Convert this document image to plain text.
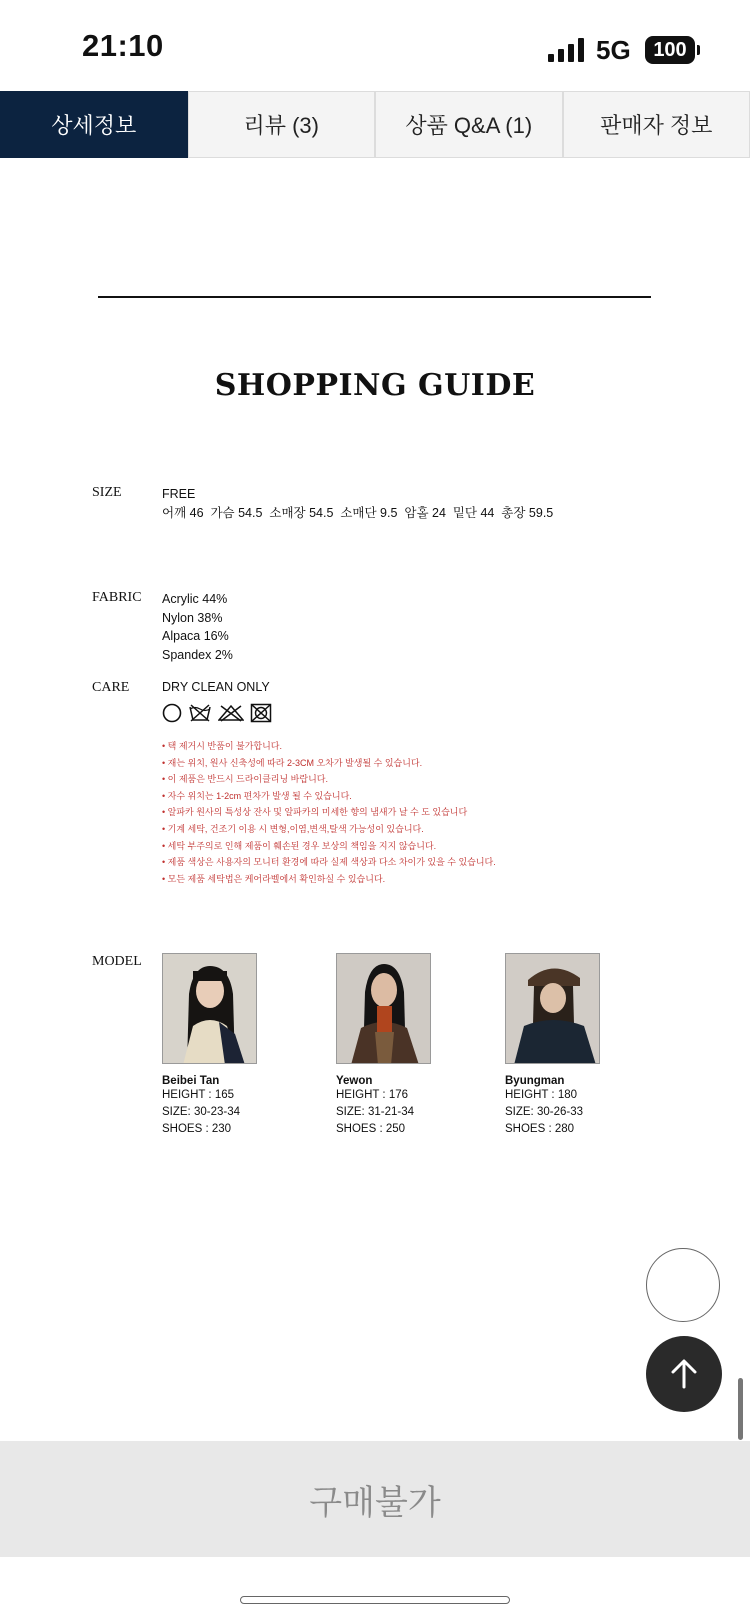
21:10	5G	100
상세정보	리뷰 (3)	상품 Q&A (1)	판매자 정보
SHOPPING GUIDE
SIZE	FREE
어깨 46  가슴 54.5  소매장 54.5  소매단 9.5  암홀 24  밑단 44  총장 59.5
FABRIC Acrylic 44%
Nylon 38%
Alpaca 16%
Spandex 2%
CARE	DRY CLEAN ONLY
• 택 제거시 반품이 불가합니다.
• 재는 위치, 원사 신축성에 따라 2-3CM 오차가 발생될 수 있습니다.
• 이 제품은 반드시 드라이클리닝 바랍니다.
• 자수 위치는 1-2cm 편차가 발생 될 수 있습니다.
• 알파카 원사의 특성상 잔사 및 알파카의 미세한 향의 냄새가 날 수 도 있습니다
• 기계 세탁, 건조기 이용 시 변형,이염,변색,탈색 가능성이 있습니다.
• 세탁 부주의로 인해 제품이 훼손된 경우 보상의 책임을 지지 않습니다.
• 제품 색상은 사용자의 모니터 환경에 따라 실제 색상과 다소 차이가 있을 수 있습니다.
• 모든 제품 세탁법은 케어라벨에서 확인하실 수 있습니다.
MODEL
Beibei Tan
HEIGHT : 165
SIZE: 30-23-34
SHOES : 230
Yewon
HEIGHT : 176
SIZE: 31-21-34
SHOES : 250
Byungman
HEIGHT : 180
SIZE: 30-26-33
SHOES : 280
구매불가
